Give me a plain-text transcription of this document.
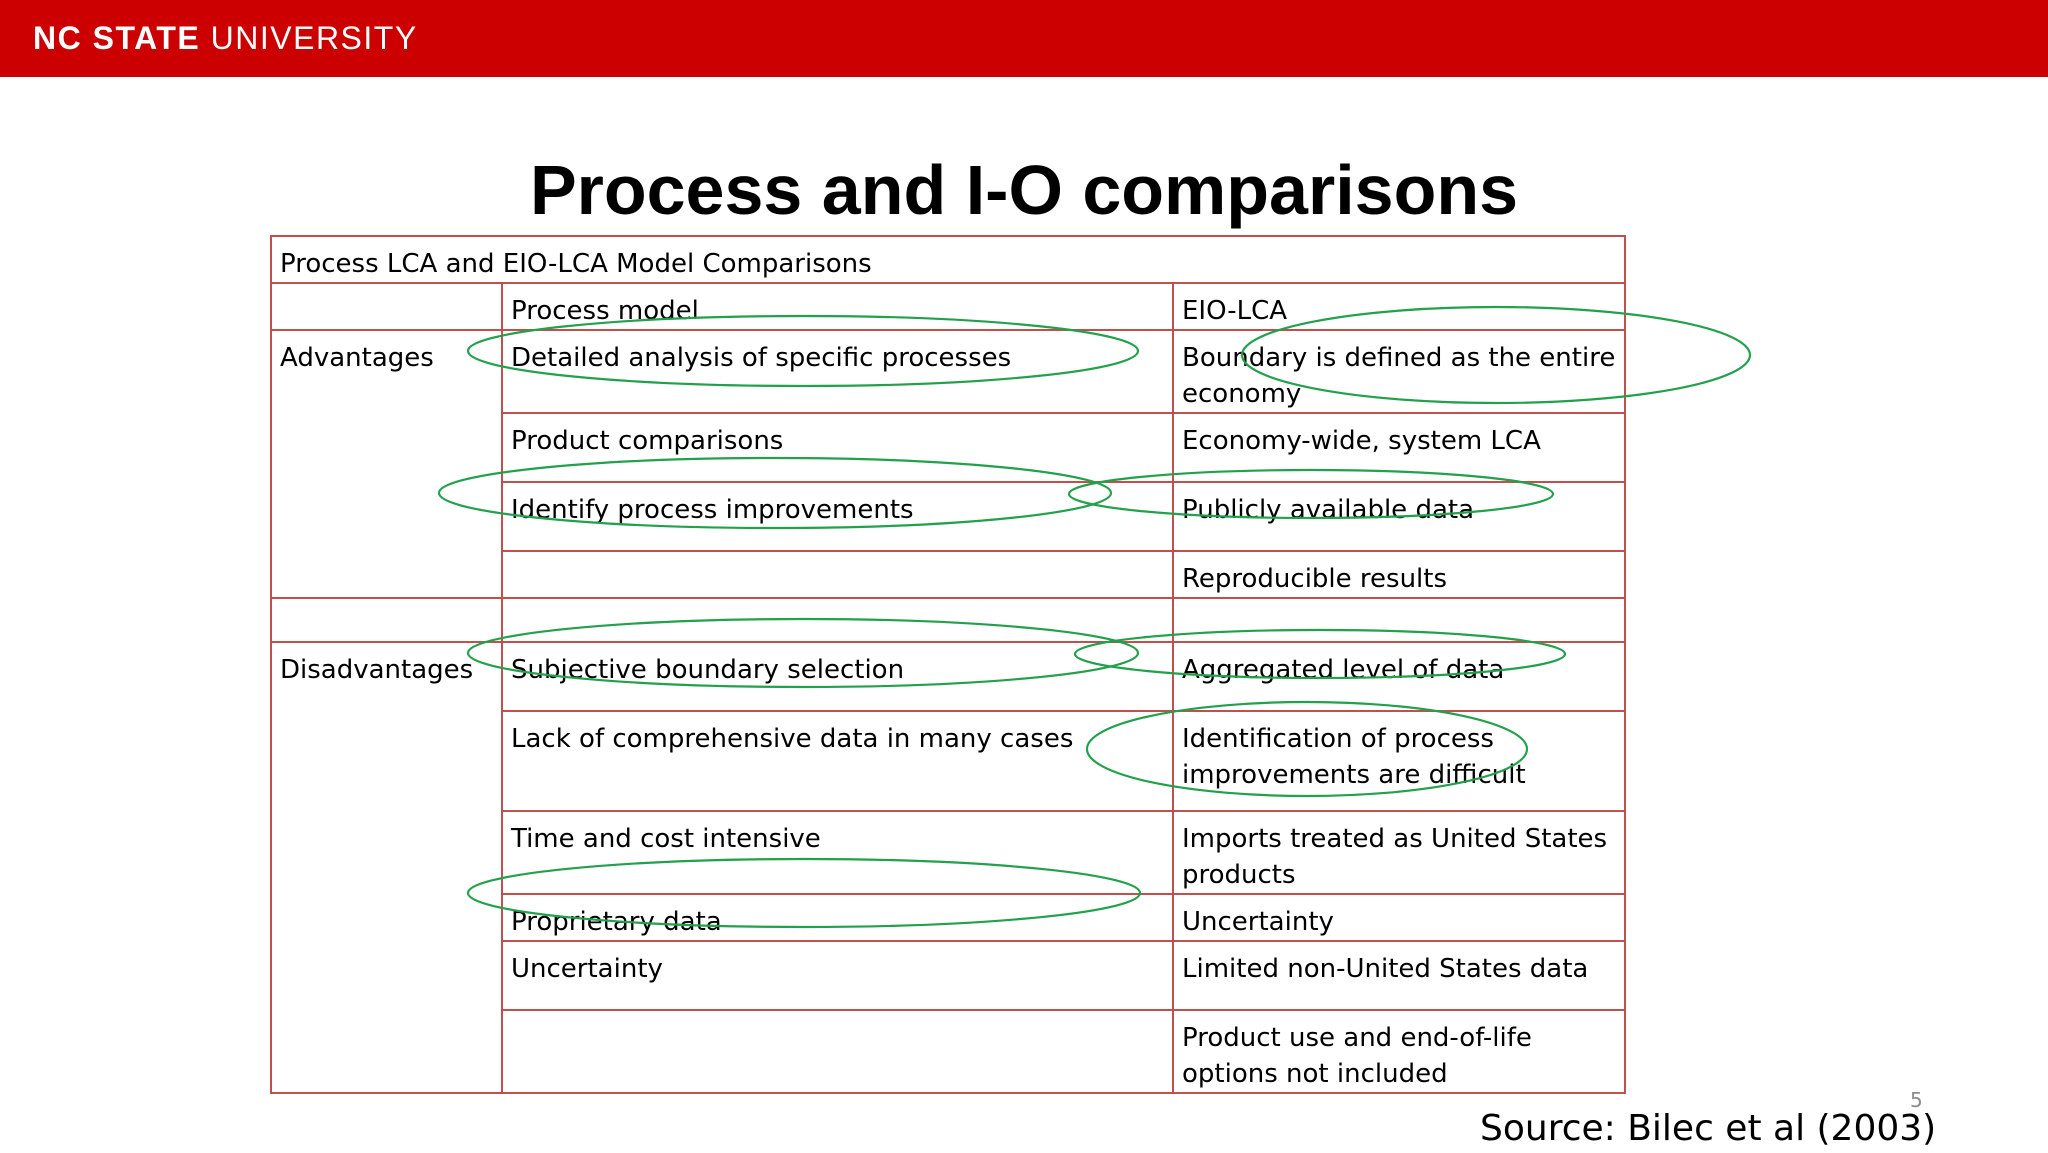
NC STATE UNIVERSITY
Process and I-O comparisons
Process LCA and EIO-LCA Model Comparisons		
	Process model	EIO-LCA
Advantages	Detailed analysis of specific processes	Boundary is defined as the entire economy
	Product comparisons	Economy-wide, system LCA
	Identify process improvements	Publicly available data
		Reproducible results

Disadvantages	Subjective boundary selection	Aggregated level of data
	Lack of comprehensive data in many cases	Identification of process improvements are difficult
	Time and cost intensive	Imports treated as United States products
	Proprietary data	Uncertainty
	Uncertainty	Limited non-United States data
		Product use and end-of-life options not included
5
Source: Bilec et al (2003)
